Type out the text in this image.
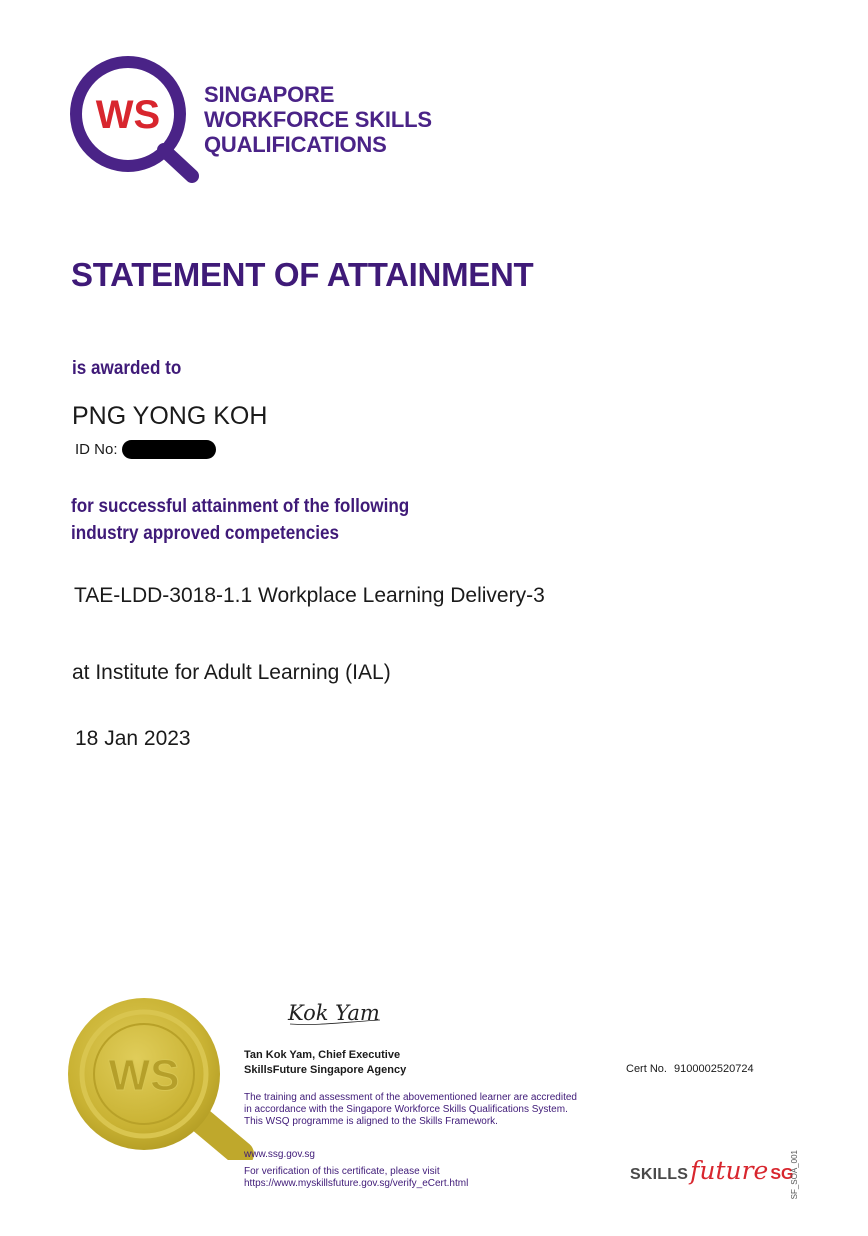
WS SINGAPORE
WORKFORCE SKILLS
QUALIFICATIONS
STATEMENT OF ATTAINMENT
is awarded to
PNG YONG KOH
ID No:
for successful attainment of the following
industry approved competencies
TAE-LDD-3018-1.1 Workplace Learning Delivery-3
at Institute for Adult Learning (IAL)
18 Jan 2023
WS
Kok Yam
Tan Kok Yam, Chief Executive
SkillsFuture Singapore Agency
The training and assessment of the abovementioned learner are accredited
in accordance with the Singapore Workforce Skills Qualifications System.
This WSQ programme is aligned to the Skills Framework.
www.ssg.gov.sg
For verification of this certificate, please visit
https://www.myskillsfuture.gov.sg/verify_eCert.html
Cert No. 9100002520724
SKILLS future SG
SF_SOA_001
